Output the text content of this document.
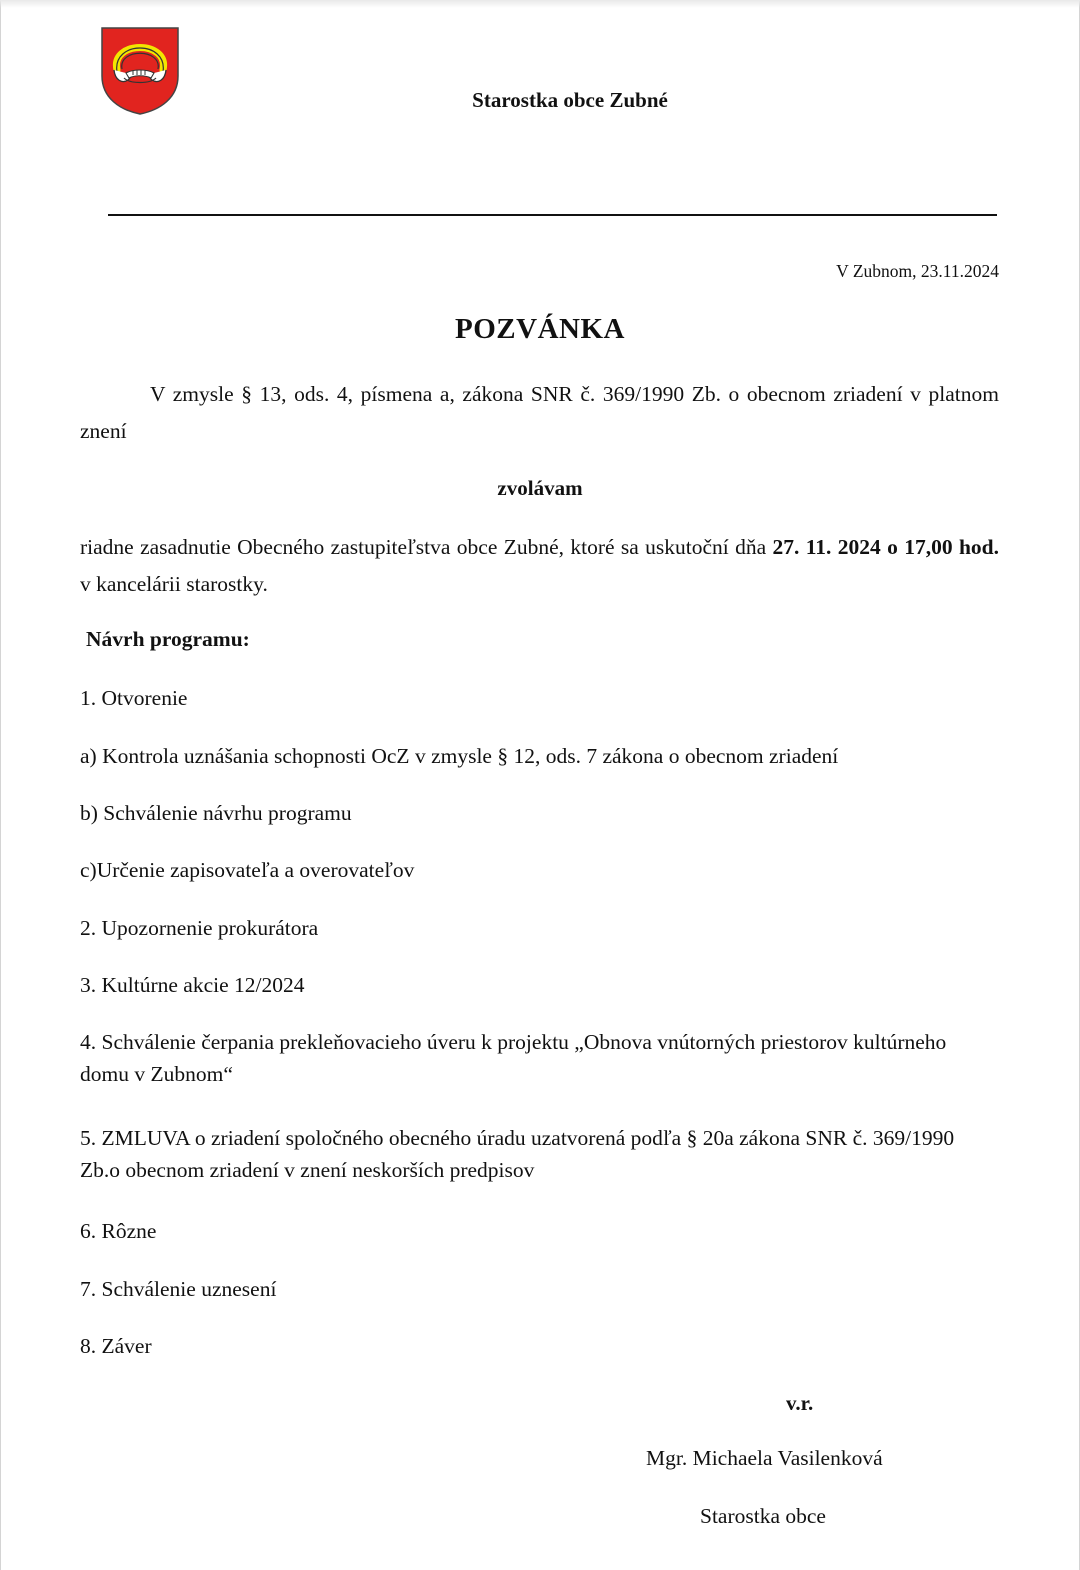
Starostka obce Zubné
V Zubnom, 23.11.2024
POZVÁNKA
V zmysle § 13, ods. 4, písmena a, zákona SNR č. 369/1990 Zb. o obecnom zriadení v platnom znení
zvolávam
riadne zasadnutie Obecného zastupiteľstva obce Zubné, ktoré sa uskutoční dňa 27. 11. 2024 o 17,00 hod. v kancelárii starostky.
Návrh programu:
1. Otvorenie
a) Kontrola uznášania schopnosti OcZ v zmysle § 12, ods. 7 zákona o obecnom zriadení
b) Schválenie návrhu programu
c)Určenie zapisovateľa a overovateľov
2. Upozornenie prokurátora
3. Kultúrne akcie 12/2024
4. Schválenie čerpania prekleňovacieho úveru k projektu „Obnova vnútorných priestorov kultúrneho domu v Zubnom“
5. ZMLUVA o zriadení spoločného obecného úradu uzatvorená podľa § 20a zákona SNR č. 369/1990 Zb.o obecnom zriadení v znení neskorších predpisov
6. Rôzne
7. Schválenie uznesení
8. Záver
v.r.
Mgr. Michaela Vasilenková
Starostka obce
